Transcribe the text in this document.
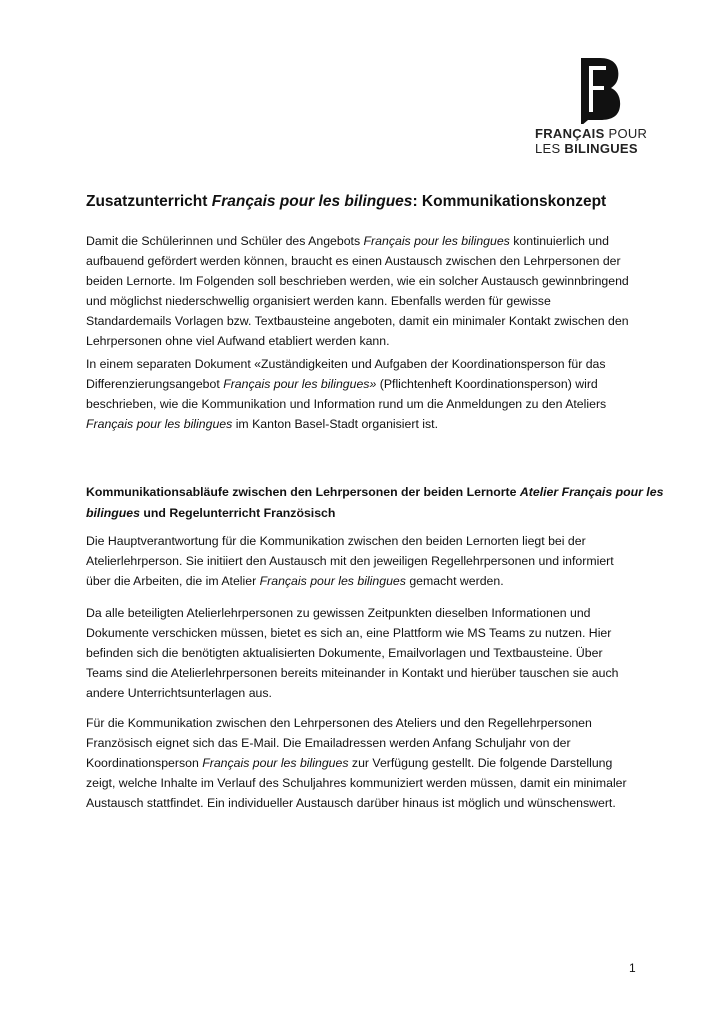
FRANÇAIS POUR
LES BILINGUES
Zusatzunterricht Français pour les bilingues: Kommunikationskonzept
Damit die Schülerinnen und Schüler des Angebots Français pour les bilingues kontinuierlich und
aufbauend gefördert werden können, braucht es einen Austausch zwischen den Lehrpersonen der
beiden Lernorte. Im Folgenden soll beschrieben werden, wie ein solcher Austausch gewinnbringend
und möglichst niederschwellig organisiert werden kann. Ebenfalls werden für gewisse
Standardemails Vorlagen bzw. Textbausteine angeboten, damit ein minimaler Kontakt zwischen den
Lehrpersonen ohne viel Aufwand etabliert werden kann.
In einem separaten Dokument «Zuständigkeiten und Aufgaben der Koordinationsperson für das
Differenzierungsangebot Français pour les bilingues» (Pflichtenheft Koordinationsperson) wird
beschrieben, wie die Kommunikation und Information rund um die Anmeldungen zu den Ateliers
Français pour les bilingues im Kanton Basel-Stadt organisiert ist.
Kommunikationsabläufe zwischen den Lehrpersonen der beiden Lernorte Atelier Français pour les
bilingues und Regelunterricht Französisch
Die Hauptverantwortung für die Kommunikation zwischen den beiden Lernorten liegt bei der
Atelierlehrperson. Sie initiiert den Austausch mit den jeweiligen Regellehrpersonen und informiert
über die Arbeiten, die im Atelier Français pour les bilingues gemacht werden.
Da alle beteiligten Atelierlehrpersonen zu gewissen Zeitpunkten dieselben Informationen und
Dokumente verschicken müssen, bietet es sich an, eine Plattform wie MS Teams zu nutzen. Hier
befinden sich die benötigten aktualisierten Dokumente, Emailvorlagen und Textbausteine. Über
Teams sind die Atelierlehrpersonen bereits miteinander in Kontakt und hierüber tauschen sie auch
andere Unterrichtsunterlagen aus.
Für die Kommunikation zwischen den Lehrpersonen des Ateliers und den Regellehrpersonen
Französisch eignet sich das E-Mail. Die Emailadressen werden Anfang Schuljahr von der
Koordinationsperson Français pour les bilingues zur Verfügung gestellt. Die folgende Darstellung
zeigt, welche Inhalte im Verlauf des Schuljahres kommuniziert werden müssen, damit ein minimaler
Austausch stattfindet. Ein individueller Austausch darüber hinaus ist möglich und wünschenswert.
1
